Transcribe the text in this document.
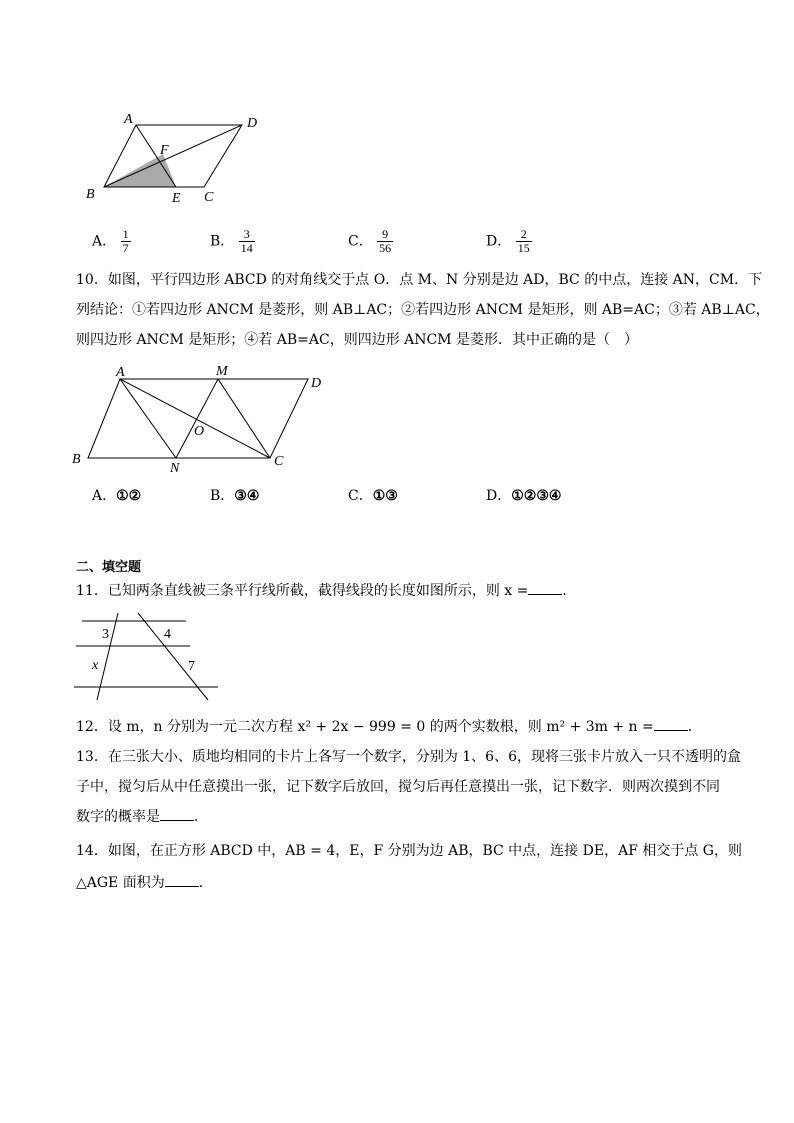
A	D
F
B	E C
A． $\frac{1}{7}$	B． $\frac{3}{14}$	C． $\frac{9}{56}$	D． $\frac{2}{15}$
10．如图，平行四边形 ABCD 的对角线交于点 O．点 M、N 分别是边 AD，BC 的中点，连接 AN，CM．下
列结论：①若四边形 ANCM 是菱形，则 AB⊥AC；②若四边形 ANCM 是矩形，则 AB=AC；③若 AB⊥AC，
则四边形 ANCM 是矩形；④若 AB=AC，则四边形 ANCM 是菱形．其中正确的是（　）
A	M
D
O
B
N	C
A．①②	B．③④	C．①③	D．①②③④
二、填空题
11．已知两条直线被三条平行线所截，截得线段的长度如图所示，则 x = ．
3	4
x	7
12．设 m，n 分别为一元二次方程 x² + 2x − 999 = 0 的两个实数根，则 m² + 3m + n = ．
13．在三张大小、质地均相同的卡片上各写一个数字，分别为 1、6、6，现将三张卡片放入一只不透明的盒
子中，搅匀后从中任意摸出一张，记下数字后放回，搅匀后再任意摸出一张，记下数字．则两次摸到不同
数字的概率是 ．
14．如图，在正方形 ABCD 中，AB = 4，E，F 分别为边 AB，BC 中点，连接 DE，AF 相交于点 G，则
△AGE 面积为 ．
